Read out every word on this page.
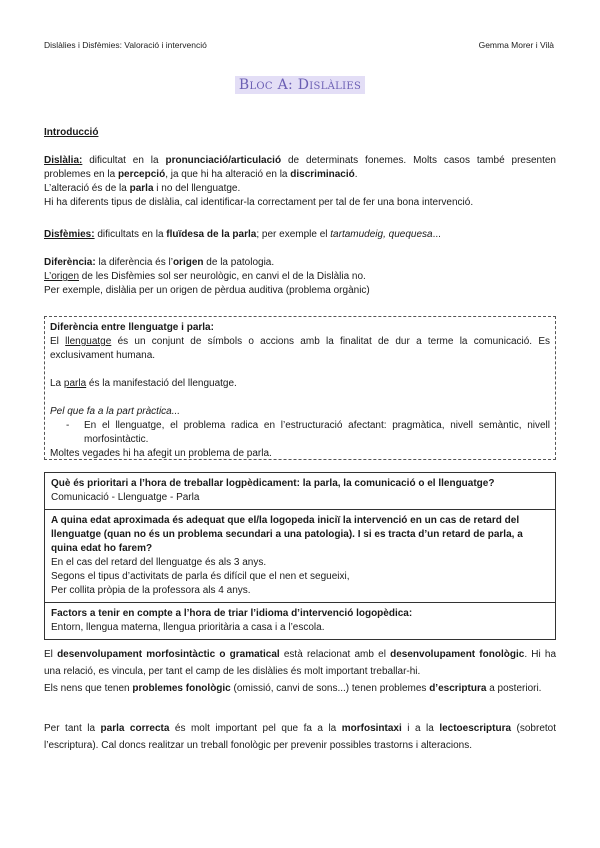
Dislàlies i Disfèmies: Valoració i intervenció	Gemma Morer i Vilà
Bloc A: Dislàlies
Introducció

Dislàlia: dificultat en la pronunciació/articulació de determinats fonemes. Molts casos també presenten problemes en la percepció, ja que hi ha alteració en la discriminació.

L’alteració és de la parla i no del llenguatge.

Hi ha diferents tipus de dislàlia, cal identificar-la correctament per tal de fer una bona intervenció.

Disfèmies: dificultats en la fluïdesa de la parla; per exemple el tartamudeig, quequesa...

Diferència: la diferència és l’origen de la patologia.

L’origen de les Disfèmies sol ser neurològic, en canvi el de la Dislàlia no.

Per exemple, dislàlia per un origen de pèrdua auditiva (problema orgànic)

Diferència entre llenguatge i parla:

El llenguatge és un conjunt de símbols o accions amb la finalitat de dur a terme la comunicació. Es exclusivament humana.

La parla és la manifestació del llenguatge.

Pel que fa a la part pràctica...

-	En el llenguatge, el problema radica en l’estructuració afectant: pragmàtica, nivell semàntic, nivell morfosintàctic.

Moltes vegades hi ha afegit un problema de parla.

Què és prioritari a l’hora de treballar logpèdicament: la parla, la comunicació o el llenguatge?

Comunicació - Llenguatge - Parla

A quina edat aproximada és adequat que el/la logopeda iniciï la intervenció en un cas de retard del llenguatge (quan no és un problema secundari a una patologia). I si es tracta d’un retard de parla, a quina edat ho farem?

En el cas del retard del llenguatge és als 3 anys.

Segons el tipus d’activitats de parla és difícil que el nen et segueixi,

Per collita pròpia de la professora als 4 anys.

Factors a tenir en compte a l’hora de triar l’idioma d’intervenció logopèdica:

Entorn, llengua materna, llengua prioritària a casa i a l’escola.

El desenvolupament morfosintàctic o gramatical està relacionat amb el desenvolupament fonològic. Hi ha una relació, es vincula, per tant el camp de les dislàlies és molt important treballar-hi.

Els nens que tenen problemes fonològic (omissió, canvi de sons...) tenen problemes d’escriptura a posteriori.

Per tant la parla correcta és molt important pel que fa a la morfosintaxi i a la lectoescriptura (sobretot l’escriptura). Cal doncs realitzar un treball fonològic per prevenir possibles trastorns i alteracions.
